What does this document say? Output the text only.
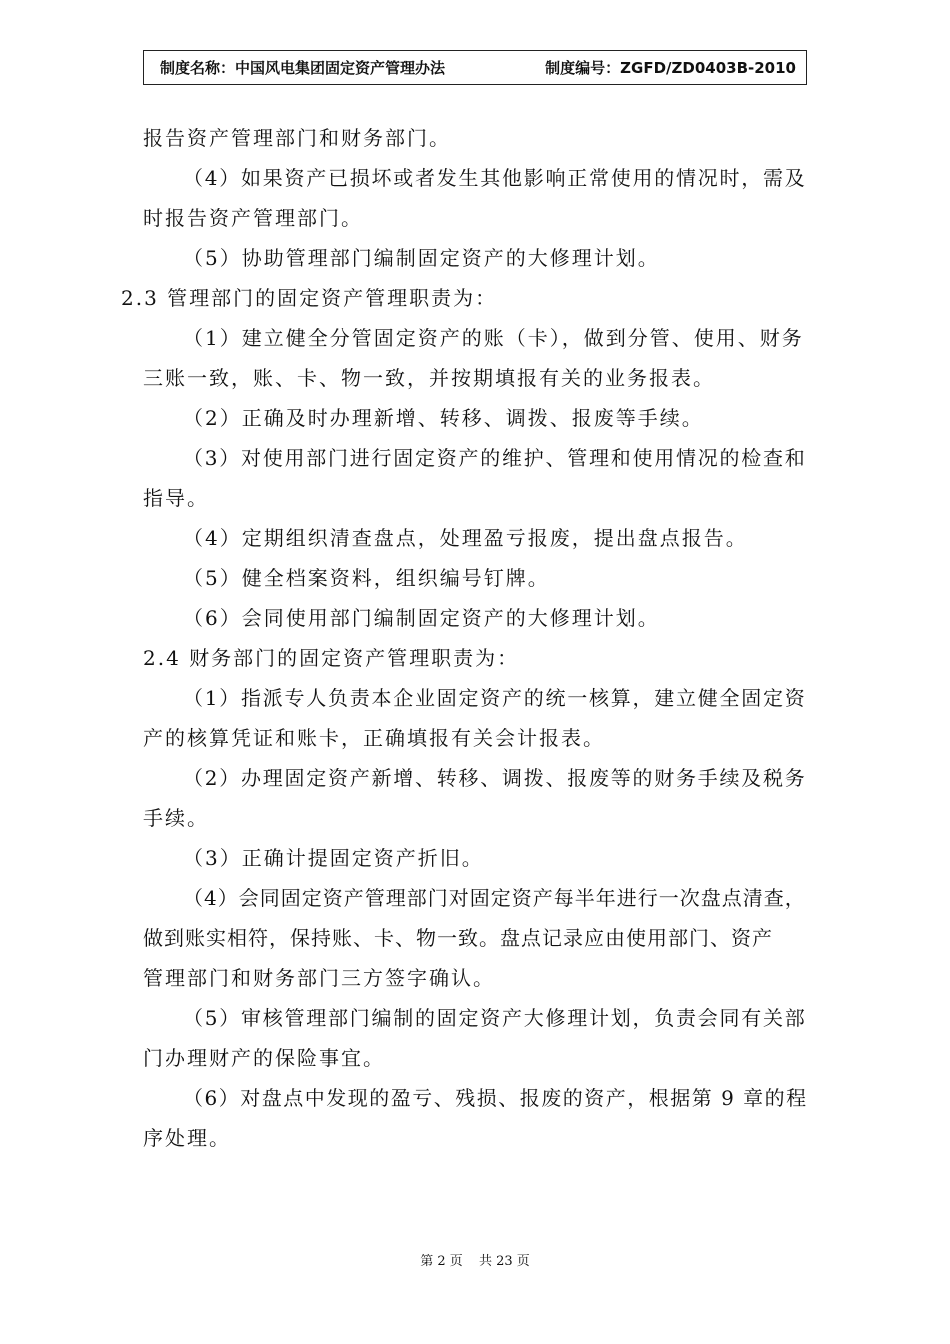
制度名称：中国风电集团固定资产管理办法	制度编号：ZGFD/ZD0403B-2010
报告资产管理部门和财务部门。
（4）如果资产已损坏或者发生其他影响正常使用的情况时，需及
时报告资产管理部门。
（5）协助管理部门编制固定资产的大修理计划。
2.3 管理部门的固定资产管理职责为：
（1）建立健全分管固定资产的账（卡），做到分管、使用、财务
三账一致，账、卡、物一致，并按期填报有关的业务报表。
（2）正确及时办理新增、转移、调拨、报废等手续。
（3）对使用部门进行固定资产的维护、管理和使用情况的检查和
指导。
（4）定期组织清查盘点，处理盈亏报废，提出盘点报告。
（5）健全档案资料，组织编号钉牌。
（6）会同使用部门编制固定资产的大修理计划。
2.4 财务部门的固定资产管理职责为：
（1）指派专人负责本企业固定资产的统一核算，建立健全固定资
产的核算凭证和账卡，正确填报有关会计报表。
（2）办理固定资产新增、转移、调拨、报废等的财务手续及税务
手续。
（3）正确计提固定资产折旧。
（4）会同固定资产管理部门对固定资产每半年进行一次盘点清查，
做到账实相符，保持账、卡、物一致。盘点记录应由使用部门、资产
管理部门和财务部门三方签字确认。
（5）审核管理部门编制的固定资产大修理计划，负责会同有关部
门办理财产的保险事宜。
（6）对盘点中发现的盈亏、残损、报废的资产，根据第 9 章的程
序处理。
第 2 页 共 23 页
